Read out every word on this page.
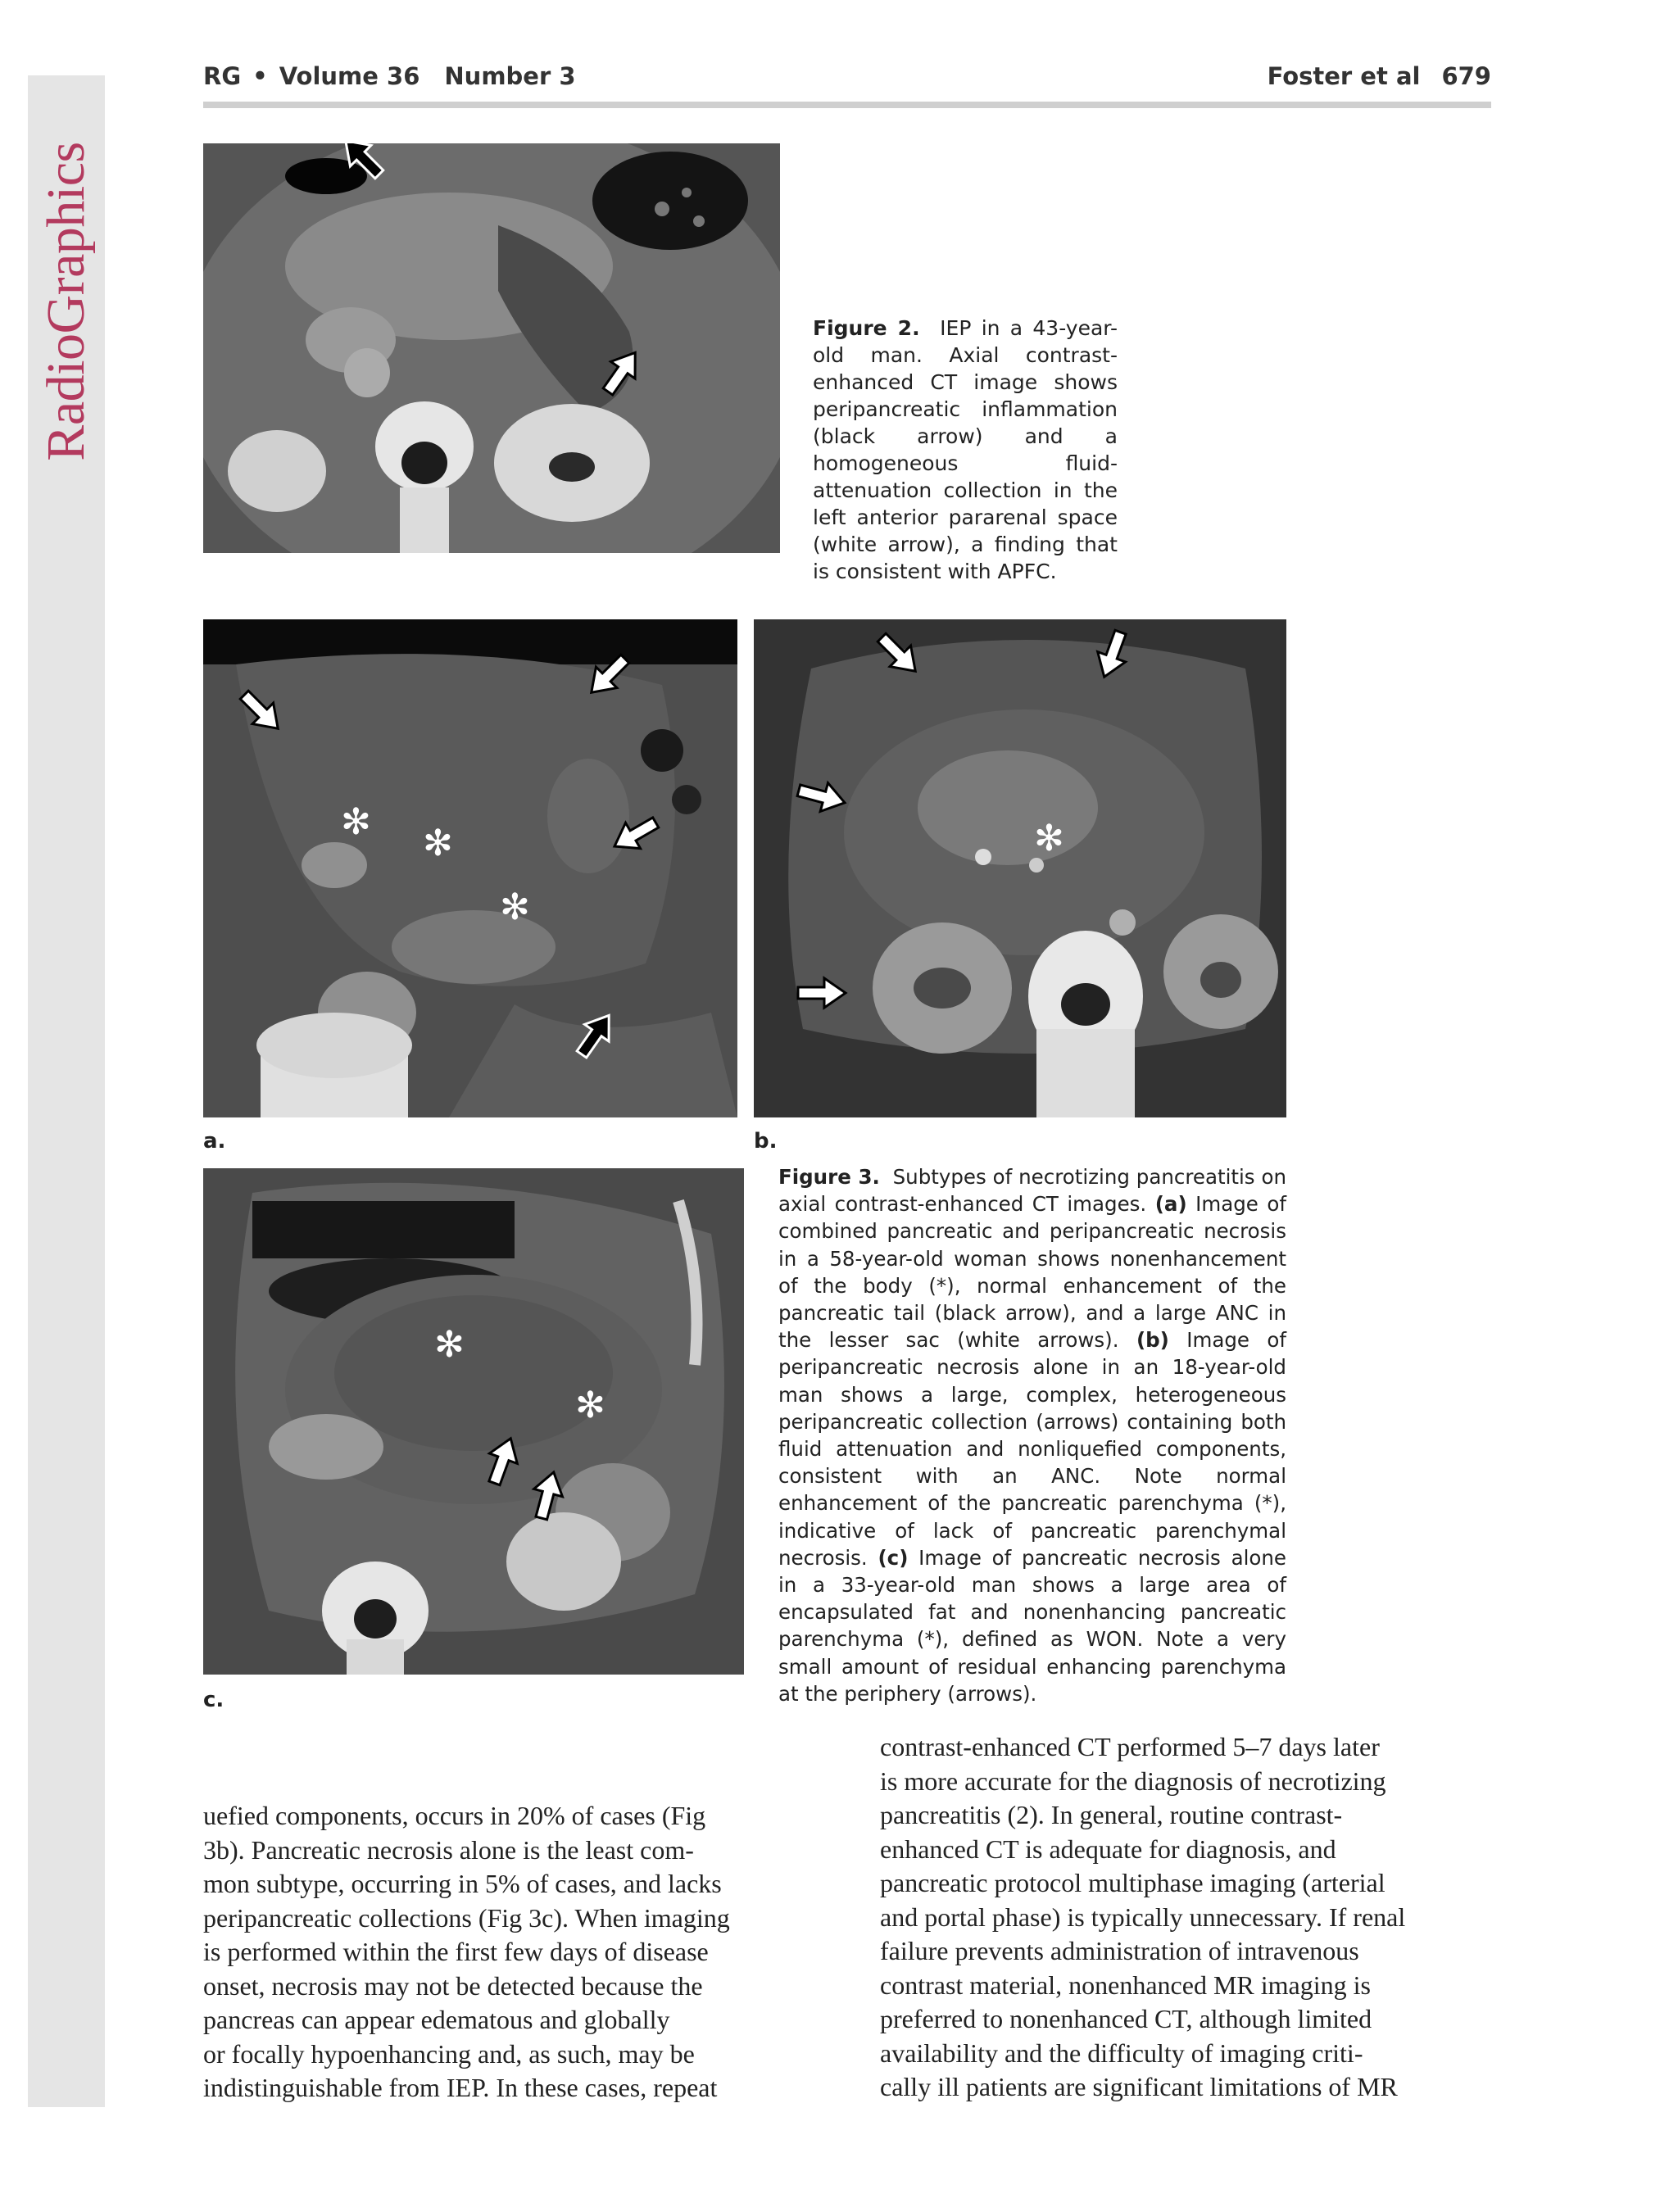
RadioGraphics
RG • Volume 36 Number 3	Foster et al 679
Figure 2. IEP in a 43-year-old man. Axial contrast-enhanced CT image shows peripancreatic inflammation (black arrow) and a homogeneous fluid-attenuation collection in the left anterior pararenal space (white arrow), a finding that is consistent with APFC.
✻
✻
✻
a.
✻
b.
Figure 3. Subtypes of necrotizing pancreatitis on axial contrast-enhanced CT images. (a) Image of combined pancreatic and peripancreatic necrosis in a 58-year-old woman shows nonenhancement of the body (*), normal enhancement of the pancreatic tail (black arrow), and a large ANC in the lesser sac (white arrows). (b) Image of peripancreatic necrosis alone in an 18-year-old man shows a large, complex, heterogeneous peripancreatic collection (arrows) containing both fluid attenuation and nonliquefied components, consistent with an ANC. Note normal enhancement of the pancreatic parenchyma (*), indicative of lack of pancreatic parenchymal necrosis. (c) Image of pancreatic necrosis alone in a 33-year-old man shows a large area of encapsulated fat and nonenhancing pancreatic parenchyma (*), defined as WON. Note a very small amount of residual enhancing parenchyma at the periphery (arrows).
✻
✻
c.

uefied components, occurs in 20% of cases (Fig

3b). Pancreatic necrosis alone is the least com-

mon subtype, occurring in 5% of cases, and lacks

peripancreatic collections (Fig 3c). When imaging

is performed within the first few days of disease

onset, necrosis may not be detected because the

pancreas can appear edematous and globally

or focally hypoenhancing and, as such, may be

indistinguishable from IEP. In these cases, repeat

contrast-enhanced CT performed 5–7 days later

is more accurate for the diagnosis of necrotizing

pancreatitis (2). In general, routine contrast-

enhanced CT is adequate for diagnosis, and

pancreatic protocol multiphase imaging (arterial

and portal phase) is typically unnecessary. If renal

failure prevents administration of intravenous

contrast material, nonenhanced MR imaging is

preferred to nonenhanced CT, although limited

availability and the difficulty of imaging criti-

cally ill patients are significant limitations of MR
